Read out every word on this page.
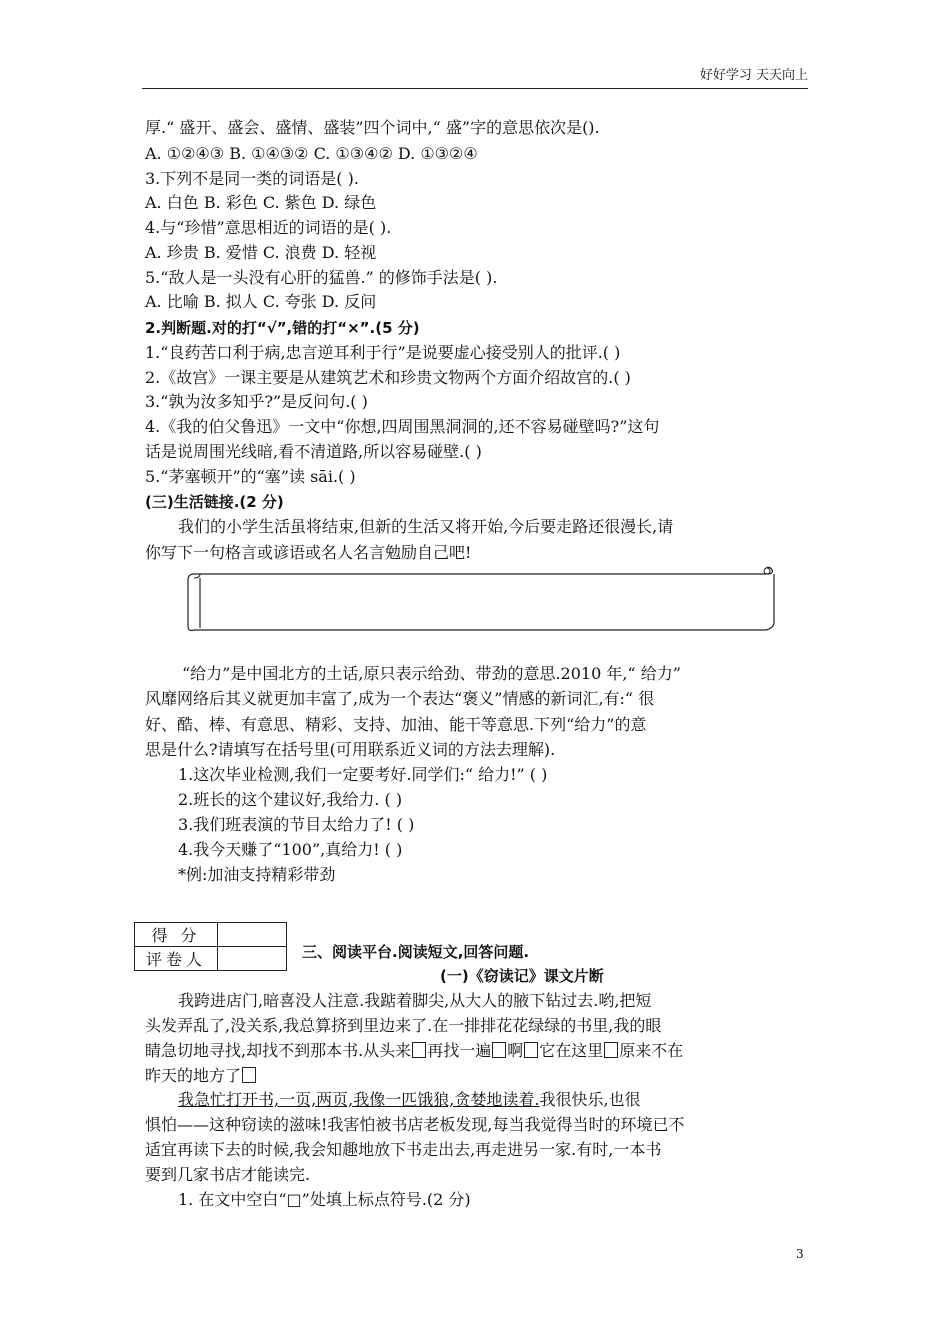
好好学习 天天向上
厚.“ 盛开、盛会、盛情、盛装”四个词中,“ 盛”字的意思依次是().
A. ①②④③ B. ①④③② C. ①③④② D. ①③②④
3.下列不是同一类的词语是( ).
A. 白色 B. 彩色 C. 紫色 D. 绿色
4.与“珍惜”意思相近的词语的是( ).
A. 珍贵 B. 爱惜 C. 浪费 D. 轻视
5.“敌人是一头没有心肝的猛兽.” 的修饰手法是( ).
A. 比喻 B. 拟人 C. 夸张 D. 反问
2.判断题.对的打“√”,错的打“×”.(5 分)
1.“良药苦口利于病,忠言逆耳利于行”是说要虚心接受别人的批评.( )
2.《故宫》一课主要是从建筑艺术和珍贵文物两个方面介绍故宫的.( )
3.“孰为汝多知乎?”是反问句.( )
4.《我的伯父鲁迅》一文中“你想,四周围黑洞洞的,还不容易碰壁吗?”这句
话是说周围光线暗,看不清道路,所以容易碰壁.( )
5.“茅塞顿开”的“塞”读 sāi.( )
(三)生活链接.(2 分)
我们的小学生活虽将结束,但新的生活又将开始,今后要走路还很漫长,请
你写下一句格言或谚语或名人名言勉励自己吧!
“给力”是中国北方的土话,原只表示给劲、带劲的意思.2010 年,“ 给力”
风靡网络后其义就更加丰富了,成为一个表达“褒义”情感的新词汇,有:“ 很
好、酷、棒、有意思、精彩、支持、加油、能干等意思.下列“给力”的意
思是什么?请填写在括号里(可用联系近义词的方法去理解).
1.这次毕业检测,我们一定要考好.同学们:“ 给力!” ( )
2.班长的这个建议好,我给力. ( )
3.我们班表演的节目太给力了! ( )
4.我今天赚了“100”,真给力! ( )
*例:加油支持精彩带劲
得 分	
评卷人		三、阅读平台.阅读短文,回答问题.
(一)《窃读记》课文片断
我跨进店门,暗喜没人注意.我踮着脚尖,从大人的腋下钻过去.哟,把短
头发弄乱了,没关系,我总算挤到里边来了.在一排排花花绿绿的书里,我的眼
睛急切地寻找,却找不到那本书.从头来 再找一遍 啊 它在这里 原来不在
昨天的地方了
我急忙打开书,一页,两页,我像一匹饿狼,贪婪地读着.我很快乐,也很
惧怕——这种窃读的滋味!我害怕被书店老板发现,每当我觉得当时的环境已不
适宜再读下去的时候,我会知趣地放下书走出去,再走进另一家.有时,一本书
要到几家书店才能读完.
1. 在文中空白“□”处填上标点符号.(2 分)
3
